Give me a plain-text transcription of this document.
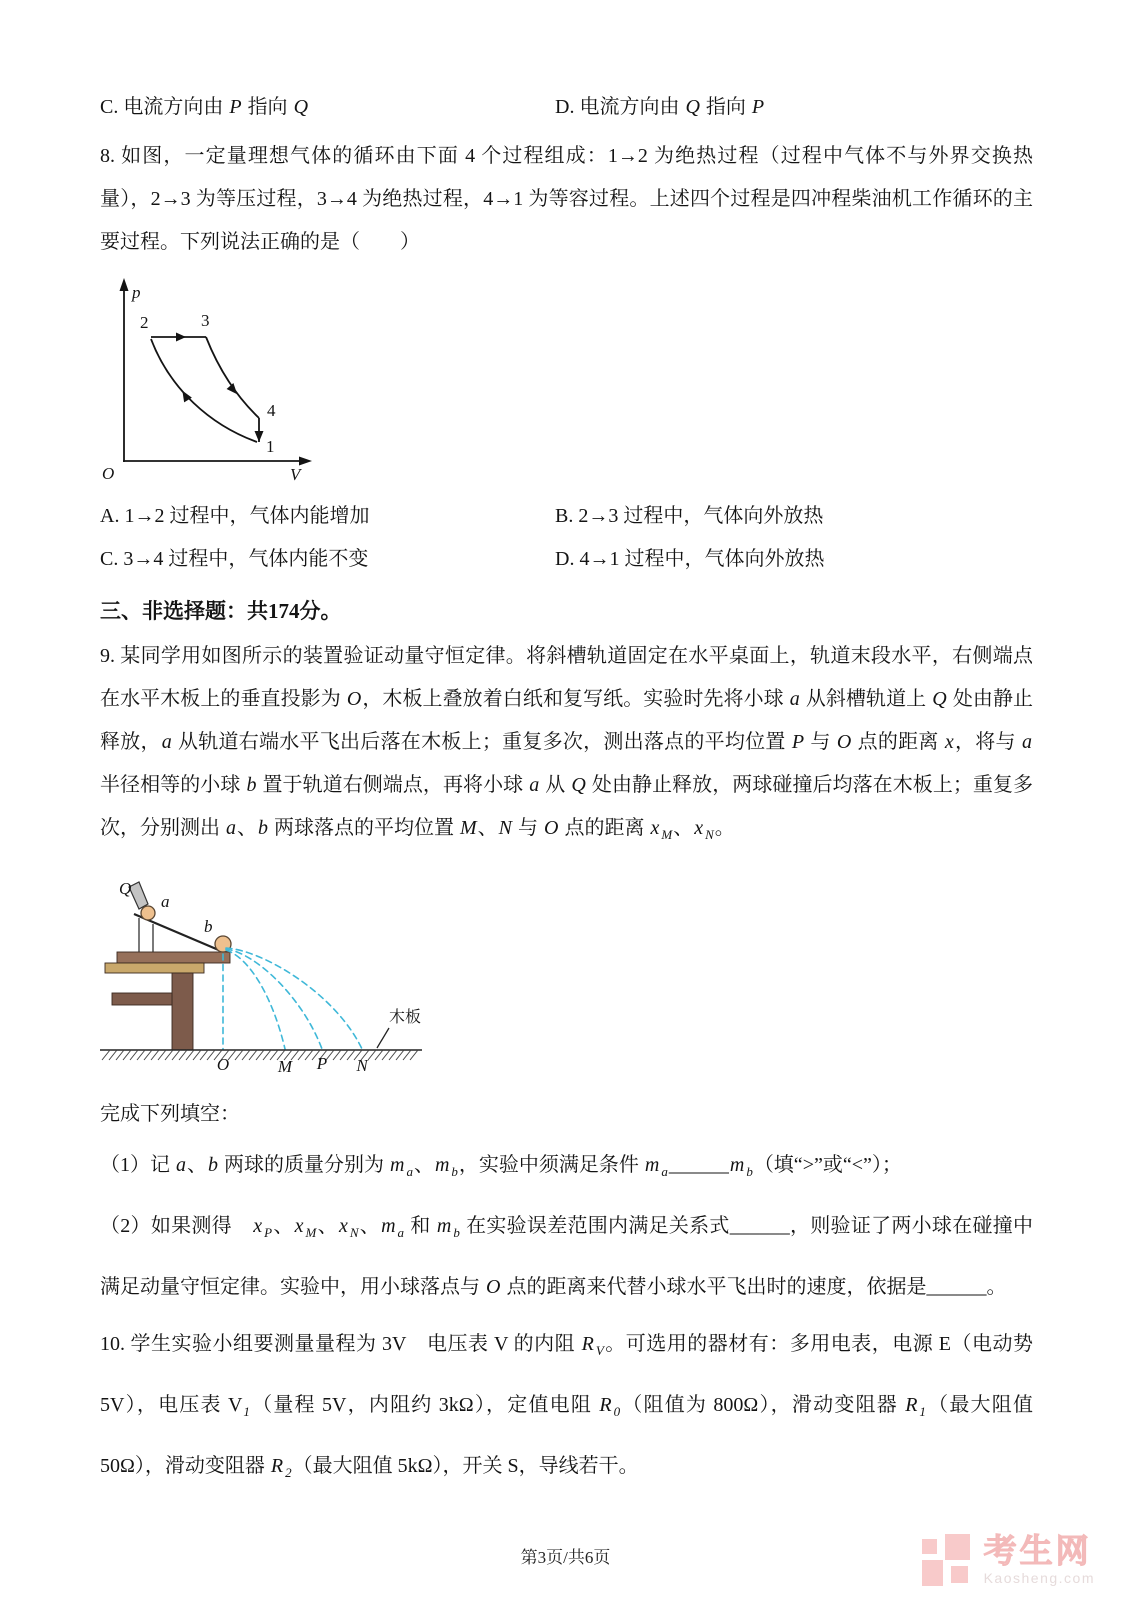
C. 电流方向由 P 指向 Q	D. 电流方向由 Q 指向 P

8. 如图，一定量理想气体的循环由下面 4 个过程组成：1→2 为绝热过程（过程中气体不与外界交换热量），2→3 为等压过程，3→4 为绝热过程，4→1 为等容过程。上述四个过程是四冲程柴油机工作循环的主要过程。下列说法正确的是（　　）

p
V
O
2	3
4
1
A. 1→2 过程中，气体内能增加	B. 2→3 过程中，气体向外放热
C. 3→4 过程中，气体内能不变	D. 4→1 过程中，气体向外放热
三、非选择题：共174分。

9. 某同学用如图所示的装置验证动量守恒定律。将斜槽轨道固定在水平桌面上，轨道末段水平，右侧端点在水平木板上的垂直投影为 O，木板上叠放着白纸和复写纸。实验时先将小球 a 从斜槽轨道上 Q 处由静止释放，a 从轨道右端水平飞出后落在木板上；重复多次，测出落点的平均位置 P 与 O 点的距离 x，将与 a 半径相等的小球 b 置于轨道右侧端点，再将小球 a 从 Q 处由静止释放，两球碰撞后均落在木板上；重复多次，分别测出 a、b 两球落点的平均位置 M、N 与 O 点的距离 x $_M$、x $_N$。

Q
a
b
木板
O	M P N

完成下列填空：

（1）记 a、b 两球的质量分别为 m $_a$、m $_b$，实验中须满足条件 m $_a$______m $_b$（填“>”或“<”）；

（2）如果测得　x $_P$、x $_M$、x $_N$、m $_a$ 和 m $_b$ 在实验误差范围内满足关系式______，则验证了两小球在碰撞中满足动量守恒定律。实验中，用小球落点与 O 点的距离来代替小球水平飞出时的速度，依据是______。

10. 学生实验小组要测量量程为 3V　电压表 V 的内阻 R $_V$。可选用的器材有：多用电表，电源 E（电动势 5V），电压表 $V_1$（量程 5V，内阻约 3kΩ），定值电阻 R $_0$（阻值为 800Ω），滑动变阻器 R $_1$（最大阻值 50Ω），滑动变阻器 R $_2$（最大阻值 5kΩ），开关 S，导线若干。

第3页/共6页	考生网
Kaosheng.com
